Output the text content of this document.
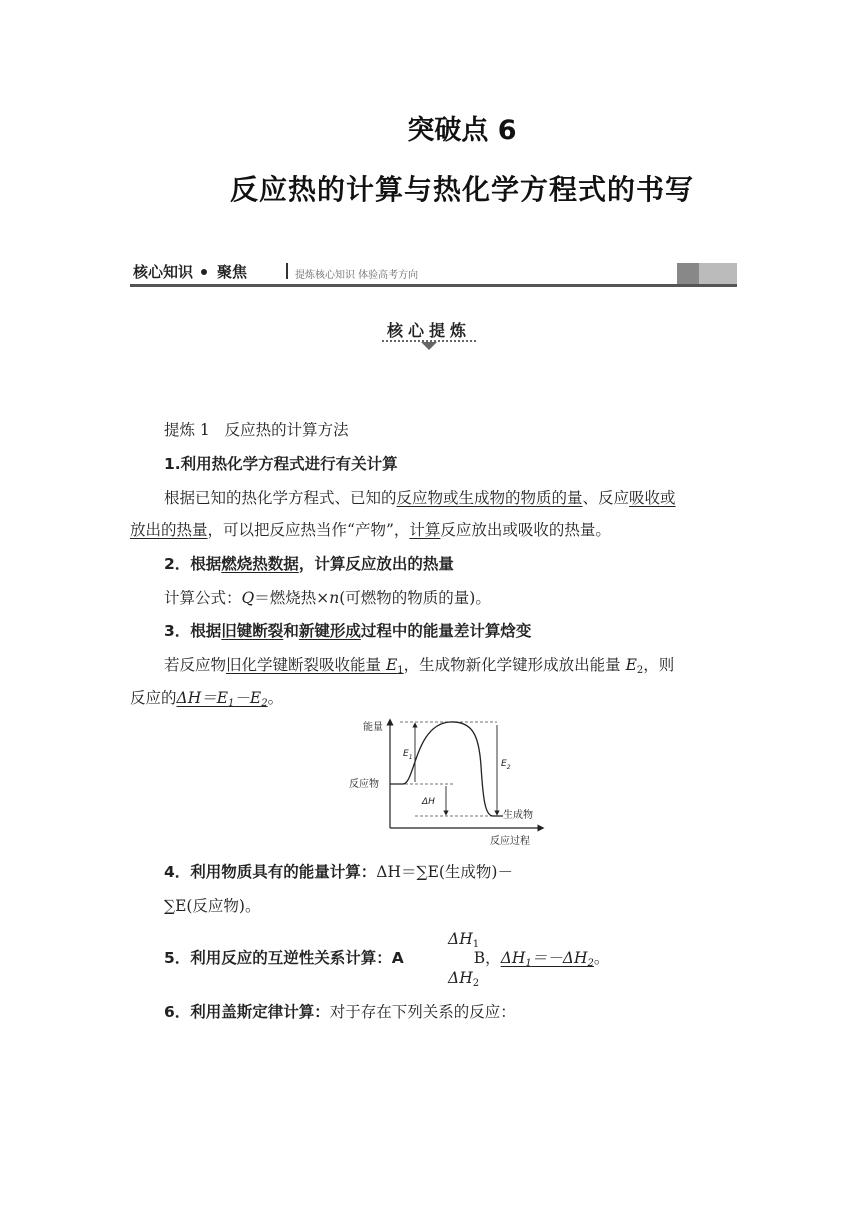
突破点 6
反应热的计算与热化学方程式的书写
核心知识 聚焦	提炼核心知识 体验高考方向
核心提炼
提炼 1 反应热的计算方法
1.利用热化学方程式进行有关计算
根据已知的热化学方程式、已知的反应物或生成物的物质的量、反应吸收或
放出的热量，可以把反应热当作“产物”，计算反应放出或吸收的热量。
2．根据燃烧热数据，计算反应放出的热量
计算公式：Q＝燃烧热×n(可燃物的物质的量)。
3．根据旧键断裂和新键形成过程中的能量差计算焓变
若反应物旧化学键断裂吸收能量 $E_1$，生成物新化学键形成放出能量 $E_2$，则
反应的$\Delta H=E_1-E_2$。
能量
反应过程
反应物
生成物
$E_1$
$E_2$
ΔH
4．利用物质具有的能量计算：ΔH＝∑E(生成物)－
∑E(反应物)。
$\Delta H_1$
5．利用反应的互逆性关系计算：A	B，$\Delta H_1=-\Delta H_2$。
$\Delta H_2$
6．利用盖斯定律计算：对于存在下列关系的反应：
